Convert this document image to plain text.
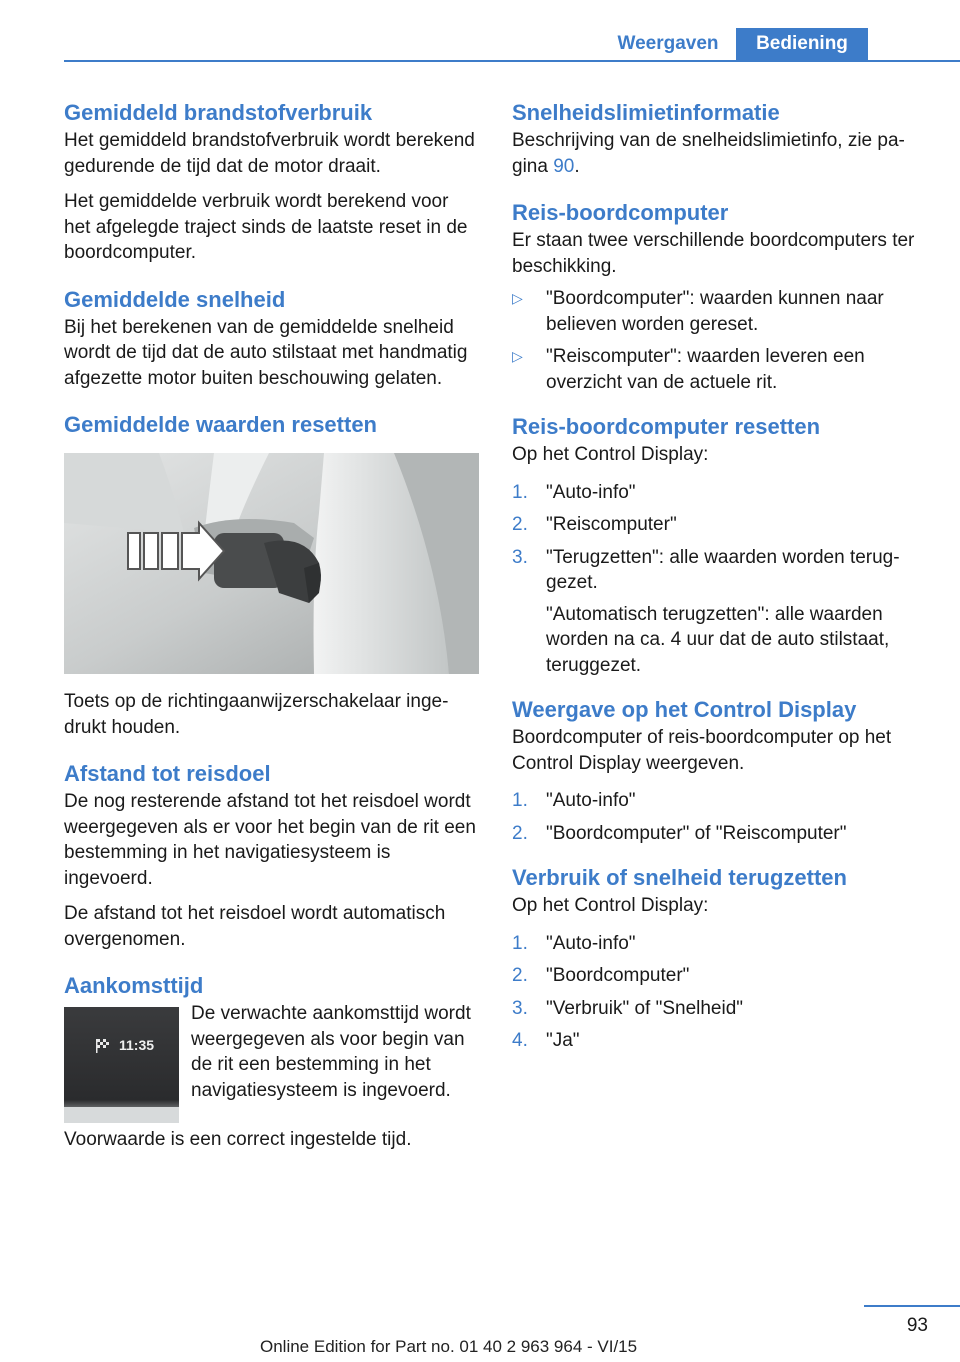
Weergaven	Bediening
Gemiddeld brandstofverbruik

Het gemiddeld brandstofverbruik wordt berekend gedurende de tijd dat de motor draait.

Het gemiddelde verbruik wordt berekend voor het afgelegde traject sinds de laatste reset in de boordcomputer.

Gemiddelde snelheid

Bij het berekenen van de gemiddelde snelheid wordt de tijd dat de auto stilstaat met handmatig afgezette motor buiten beschouwing gelaten.

Gemiddelde waarden resetten

Toets op de richtingaanwijzerschakelaar ingedrukt houden.

Afstand tot reisdoel

De nog resterende afstand tot het reisdoel wordt weergegeven als er voor het begin van de rit een bestemming in het navigatiesysteem is ingevoerd.

De afstand tot het reisdoel wordt automatisch overgenomen.

Aankomsttijd
11:35

De verwachte aankomsttijd wordt weergegeven als voor begin van de rit een bestemming in het navigatiesysteem is ingevoerd.

Voorwaarde is een correct ingestelde tijd.

Snelheidslimietinformatie

Beschrijving van de snelheidslimietinfo, zie pagina 90.

Reis-boordcomputer

Er staan twee verschillende boordcomputers ter beschikking.

▷ "Boordcomputer": waarden kunnen naar believen worden gereset.
▷ "Reiscomputer": waarden leveren een overzicht van de actuele rit.
Reis-boordcomputer resetten

Op het Control Display:

1. "Auto-info"
2. "Reiscomputer"
3. "Terugzetten": alle waarden worden teruggezet.
"Automatisch terugzetten": alle waarden worden na ca. 4 uur dat de auto stilstaat, teruggezet.
Weergave op het Control Display

Boordcomputer of reis-boordcomputer op het Control Display weergeven.

1. "Auto-info"
2. "Boordcomputer" of "Reiscomputer"
Verbruik of snelheid terugzetten

Op het Control Display:

1. "Auto-info"
2. "Boordcomputer"
3. "Verbruik" of "Snelheid"
4. "Ja"
93
Online Edition for Part no. 01 40 2 963 964 - VI/15
